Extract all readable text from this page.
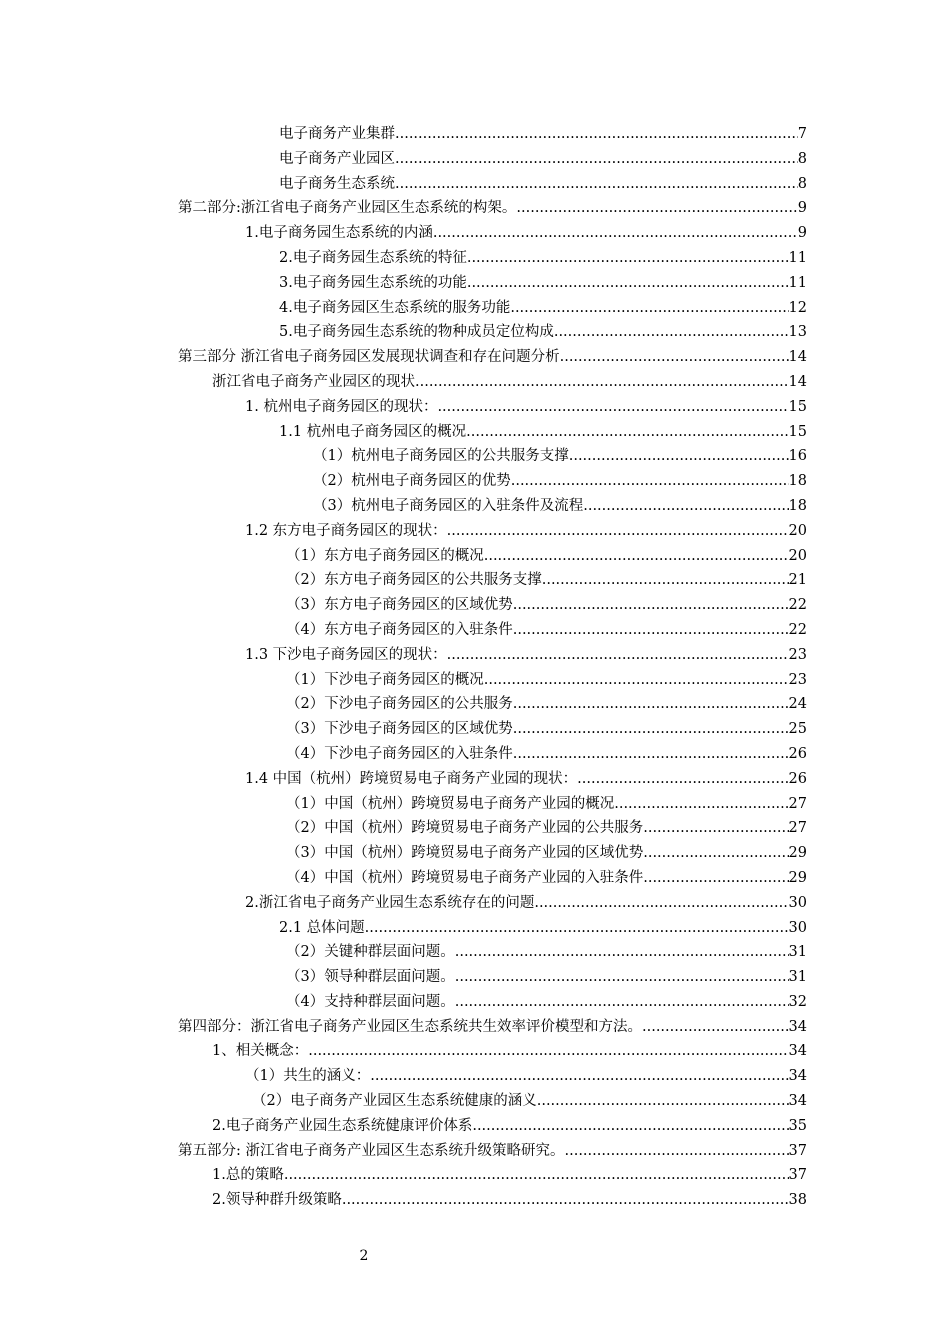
电子商务产业集群 .....	7
电子商务产业园区 .....	8
电子商务生态系统 .....	8
第二部分:浙江省电子商务产业园区生态系统的构架。 .....	9
1.电子商务园生态系统的内涵 .....	9
2.电子商务园生态系统的特征 .....	11
3.电子商务园生态系统的功能 .....	11
4.电子商务园区生态系统的服务功能 .....	12
5.电子商务园生态系统的物种成员定位构成 .....	13
第三部分 浙江省电子商务园区发展现状调查和存在问题分析 .....	14
浙江省电子商务产业园区的现状 .....	14
1. 杭州电子商务园区的现状： .....	15
1.1 杭州电子商务园区的概况 .....	15
（1）杭州电子商务园区的公共服务支撑 .....	16
（2）杭州电子商务园区的优势 .....	18
（3）杭州电子商务园区的入驻条件及流程 .....	18
1.2 东方电子商务园区的现状： .....	20
（1）东方电子商务园区的概况 .....	20
（2）东方电子商务园区的公共服务支撑 .....	21
（3）东方电子商务园区的区域优势 .....	22
（4）东方电子商务园区的入驻条件 .....	22
1.3 下沙电子商务园区的现状： .....	23
（1）下沙电子商务园区的概况 .....	23
（2）下沙电子商务园区的公共服务 .....	24
（3）下沙电子商务园区的区域优势 .....	25
（4）下沙电子商务园区的入驻条件 .....	26
1.4 中国（杭州）跨境贸易电子商务产业园的现状： .....	26
（1）中国（杭州）跨境贸易电子商务产业园的概况 .....	27
（2）中国（杭州）跨境贸易电子商务产业园的公共服务 .....	27
（3）中国（杭州）跨境贸易电子商务产业园的区域优势 .....	29
（4）中国（杭州）跨境贸易电子商务产业园的入驻条件 .....	29
2.浙江省电子商务产业园生态系统存在的问题 .....	30
2.1 总体问题 .....	30
（2）关键种群层面问题。 .....	31
（3）领导种群层面问题。 .....	31
（4）支持种群层面问题。 .....	32
第四部分：浙江省电子商务产业园区生态系统共生效率评价模型和方法。 .....	34
1、相关概念： .....	34
（1）共生的涵义： .....	34
（2）电子商务产业园区生态系统健康的涵义 .....	34
2.电子商务产业园生态系统健康评价体系 .....	35
第五部分: 浙江省电子商务产业园区生态系统升级策略研究。 .....	37
1.总的策略 .....	37
2.领导种群升级策略 .....	38
2
